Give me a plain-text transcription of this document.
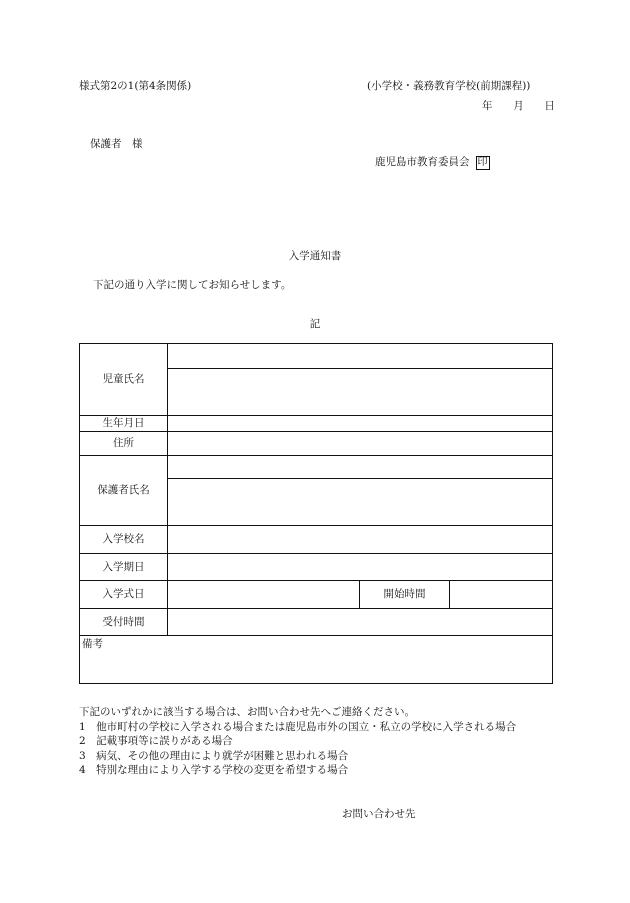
様式第2の1(第4条関係)	(小学校・義務教育学校(前期課程))
年 月 日
保護者　様
鹿児島市教育委員会 印
入学通知書
下記の通り入学に関してお知らせします。
記
児童氏名			

生年月日			
住所			
保護者氏名			

入学校名			
入学期日			
入学式日		開始時間	
受付時間			
備考			
下記のいずれかに該当する場合は、お問い合わせ先へご連絡ください。
1　他市町村の学校に入学される場合または鹿児島市外の国立・私立の学校に入学される場合
2　記載事項等に誤りがある場合
3　病気、その他の理由により就学が困難と思われる場合
4　特別な理由により入学する学校の変更を希望する場合
お問い合わせ先
